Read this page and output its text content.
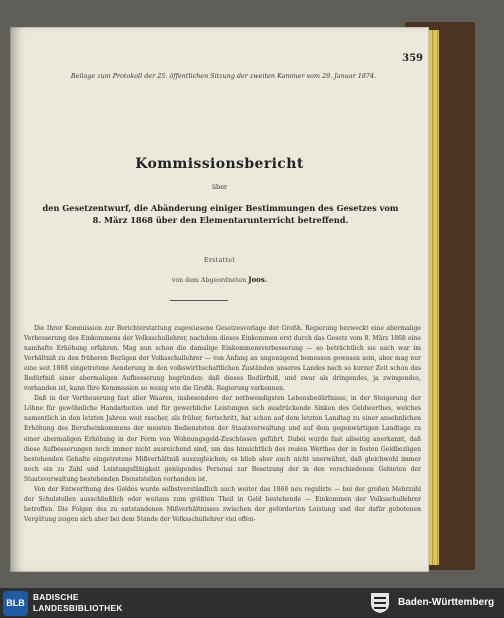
359
Beilage zum Protokoll der 25. öffentlichen Sitzung der zweiten Kammer vom 29. Januar 1874.
Kommissionsbericht
über
den Gesetzentwurf, die Abänderung einiger Bestimmungen des Gesetzes vom
8. März 1868 über den Elementarunterricht betreffend.
Erstattet
von dem Abgeordneten Joos.

Die Ihrer Kommission zur Berichterstattung zugewiesene Gesetzesvorlage der Großh. Regierung bezweckt eine abermalige Verbesserung des Einkommens der Volksschullehrer, nachdem dieses Einkommen erst durch das Gesetz vom 8. März 1868 eine namhafte Erhöhung erfahren. Mag nun schon die damalige Einkommensverbesserung — so beträchtlich sie auch war im Verhältniß zu den früheren Bezügen der Volksschullehrer — von Anfang an ungenügend bemessen gewesen sein, aber mag nur eine seit 1868 eingetretene Aenderung in den volkswirthschaftlichen Zuständen unseres Landes nach so kurzer Zeit schon das Bedürfniß einer abermaligen Aufbesserung begründen: daß dieses Bedürfniß, und zwar als dringendes, ja zwingendes, vorhanden ist, kann Ihre Kommission so wenig wie die Großh. Regierung verkennen.

Daß in der Vertheuerung fast aller Waaren, insbesondere der nothwendigsten Lebensbedürfnisse, in der Steigerung der Löhne für gewöhnliche Handarbeiten und für gewerbliche Leistungen sich ausdrückende Sinken des Geldwerthes, welches namentlich in den letzten Jahren weit rascher, als früher, fortschritt, hat schon auf dem letzten Landtag zu einer ansehnlichen Erhöhung des Berufseinkommens der meisten Bediensteten der Staatsverwaltung und auf dem gegenwärtigen Landtage zu einer abermaligen Erhöhung in der Form von Wohnungsgeld-Zuschüssen geführt. Dabei wurde fast allseitig anerkannt, daß diese Aufbesserungen noch immer nicht ausreichend sind, um das hinsichtlich des realen Werthes der in festen Geldbezügen bestehenden Gehalte eingetretene Mißverhältniß auszugleichen; es blieb aber auch nicht unerwähnt, daß gleichwohl immer noch ein zu Zahl und Leistungsfähigkeit genügendes Personal zur Besetzung der in den verschiedenen Gebieten der Staatsverwaltung bestehenden Dienststellen vorhanden ist.

Von der Entwerthung des Geldes wurde selbstverständlich auch weiter das 1868 neu regulirte — bei der großen Mehrzahl der Schulstellen ausschließlich oder weitaus zum größten Theil in Geld bestehende — Einkommen der Volksschullehrer betroffen. Die Folgen des zu entstandenen Mißverhältnisses zwischen der geforderten Leistung und der dafür gebotenen Vergütung zeigen sich aber bei dem Stande der Volksschullehrer viel offen-

BLB
BADISCHE
LANDESBIBLIOTHEK	Baden-Württemberg
